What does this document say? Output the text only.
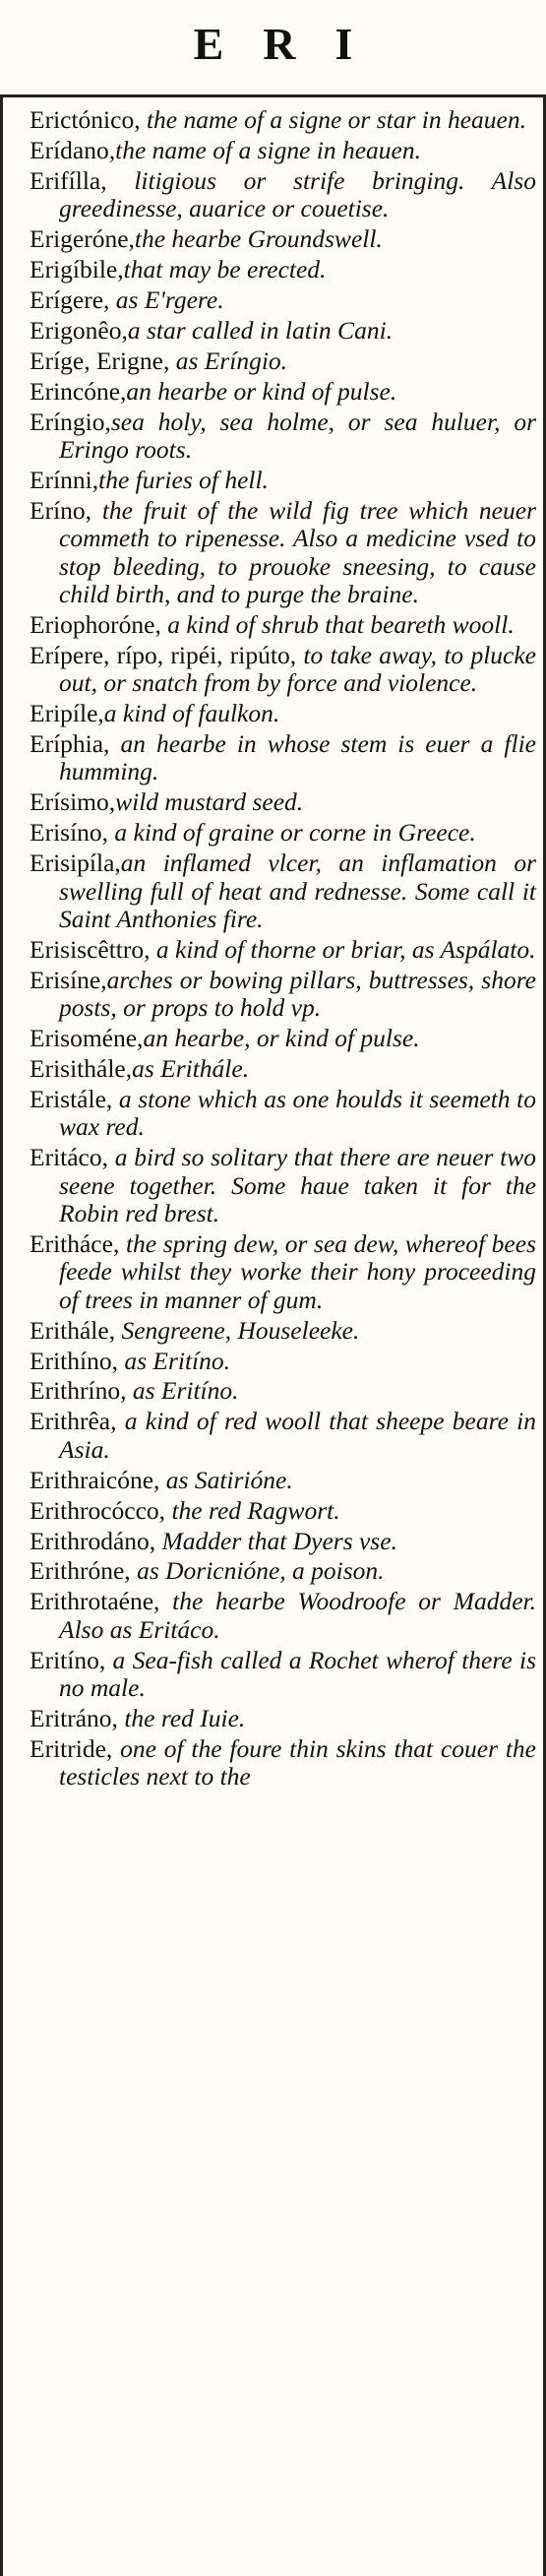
ERI

Erictónico, the name of a signe or star in heauen.

Erídano,the name of a signe in heauen.

Erifílla, litigious or strife bringing. Also greedinesse, auarice or couetise.

Erigeróne,the hearbe Groundswell.

Erigíbile,that may be erected.

Erígere, as E'rgere.

Erigonêo,a star called in latin Cani.

Eríge, Erigne, as Eríngio.

Erincóne,an hearbe or kind of pulse.

Eríngio,sea holy, sea holme, or sea huluer, or Eringo roots.

Erínni,the furies of hell.

Eríno, the fruit of the wild fig tree which neuer commeth to ripenesse. Also a medicine vsed to stop bleeding, to prouoke sneesing, to cause child birth, and to purge the braine.

Eriophoróne, a kind of shrub that beareth wooll.

Erípere, rípo, ripéi, ripúto, to take away, to plucke out, or snatch from by force and violence.

Eripíle,a kind of faulkon.

Eríphia, an hearbe in whose stem is euer a flie humming.

Erísimo,wild mustard seed.

Erisíno, a kind of graine or corne in Greece.

Erisipíla,an inflamed vlcer, an inflamation or swelling full of heat and rednesse. Some call it Saint Anthonies fire.

Erisiscêttro, a kind of thorne or briar, as Aspálato.

Erisíne,arches or bowing pillars, buttresses, shore posts, or props to hold vp.

Erisoméne,an hearbe, or kind of pulse.

Erisithále,as Erithále.

Eristále, a stone which as one houlds it seemeth to wax red.

Eritáco, a bird so solitary that there are neuer two seene together. Some haue taken it for the Robin red brest.

Erithácе, the spring dew, or sea dew, whereof bees feede whilst they worke their hony proceeding of trees in manner of gum.

Erithále, Sengreene, Houseleeke.

Erithíno, as Eritíno.

Erithríno, as Eritíno.

Erithrêa, a kind of red wooll that sheepe beare in Asia.

Erithraicóne, as Satirióne.

Erithrocócco, the red Ragwort.

Erithrodáno, Madder that Dyers vse.

Erithróne, as Doricnióne, a poison.

Erithrotaéne, the hearbe Woodroofe or Madder. Also as Eritáco.

Eritíno, a Sea-fish called a Rochet wherof there is no male.

Eritráno, the red Iuie.

Eritride, one of the foure thin skins that couer the testicles next to the
